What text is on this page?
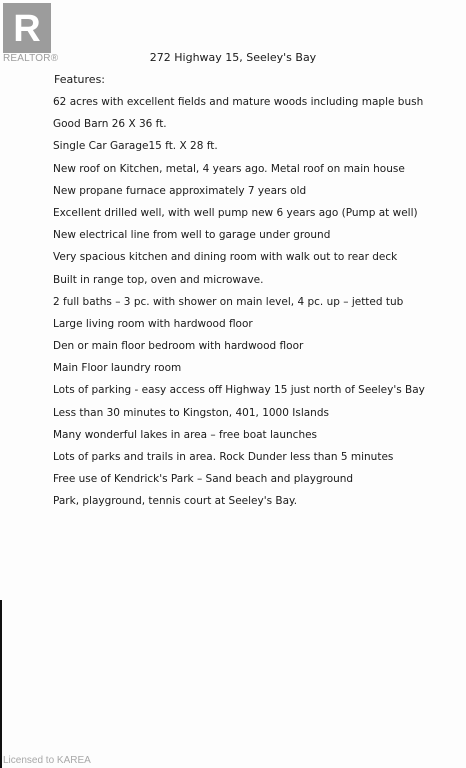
R
REALTOR®	272 Highway 15, Seeley's Bay
Features:
62 acres with excellent fields and mature woods including maple bush
Good Barn 26 X 36 ft.
Single Car Garage15 ft. X 28 ft.
New roof on Kitchen, metal, 4 years ago. Metal roof on main house
New propane furnace approximately 7 years old
Excellent drilled well, with well pump new 6 years ago (Pump at well)
New electrical line from well to garage under ground
Very spacious kitchen and dining room with walk out to rear deck
Built in range top, oven and microwave.
2 full baths – 3 pc. with shower on main level, 4 pc. up – jetted tub
Large living room with hardwood floor
Den or main floor bedroom with hardwood floor
Main Floor laundry room
Lots of parking - easy access off Highway 15 just north of Seeley's Bay
Less than 30 minutes to Kingston, 401, 1000 Islands
Many wonderful lakes in area – free boat launches
Lots of parks and trails in area. Rock Dunder less than 5 minutes
Free use of Kendrick's Park – Sand beach and playground
Park, playground, tennis court at Seeley's Bay.
Licensed to KAREA
